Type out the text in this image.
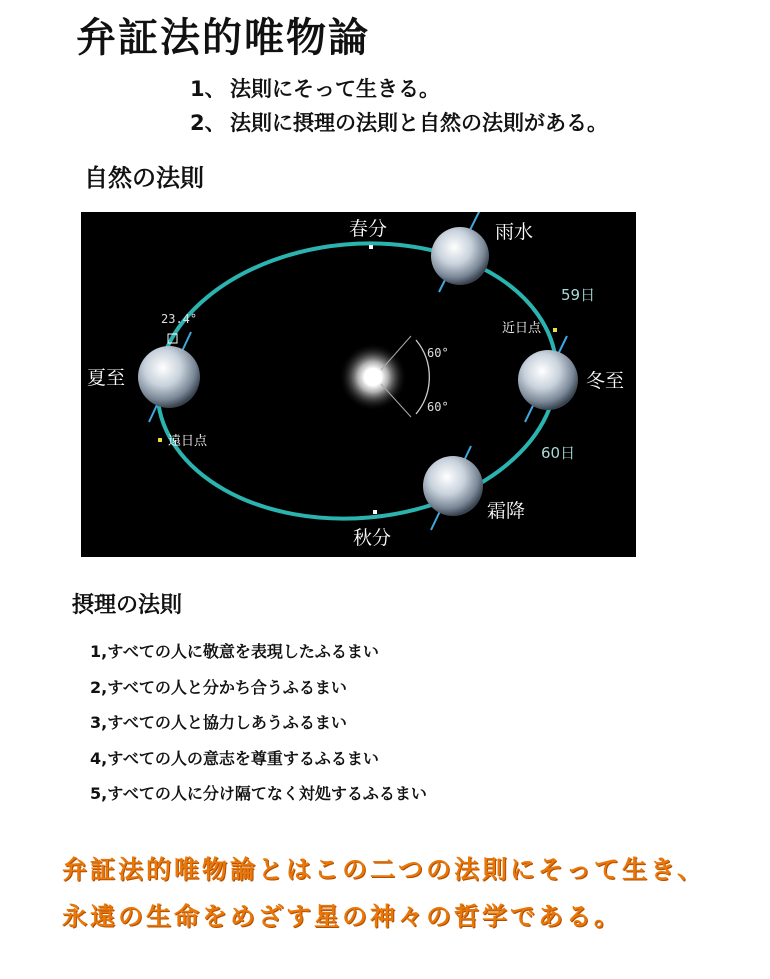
弁証法的唯物論
1、 法則にそって生きる。
2、 法則に摂理の法則と自然の法則がある。
自然の法則
春分	雨水
59日
近日点
冬至
60日
霜降
秋分
夏至
遠日点
23.4°
60°
60°
摂理の法則
1,すべての人に敬意を表現したふるまい
2,すべての人と分かち合うふるまい
3,すべての人と協力しあうふるまい
4,すべての人の意志を尊重するふるまい
5,すべての人に分け隔てなく対処するふるまい
弁証法的唯物論とはこの二つの法則にそって生き、
永遠の生命をめざす星の神々の哲学である。
